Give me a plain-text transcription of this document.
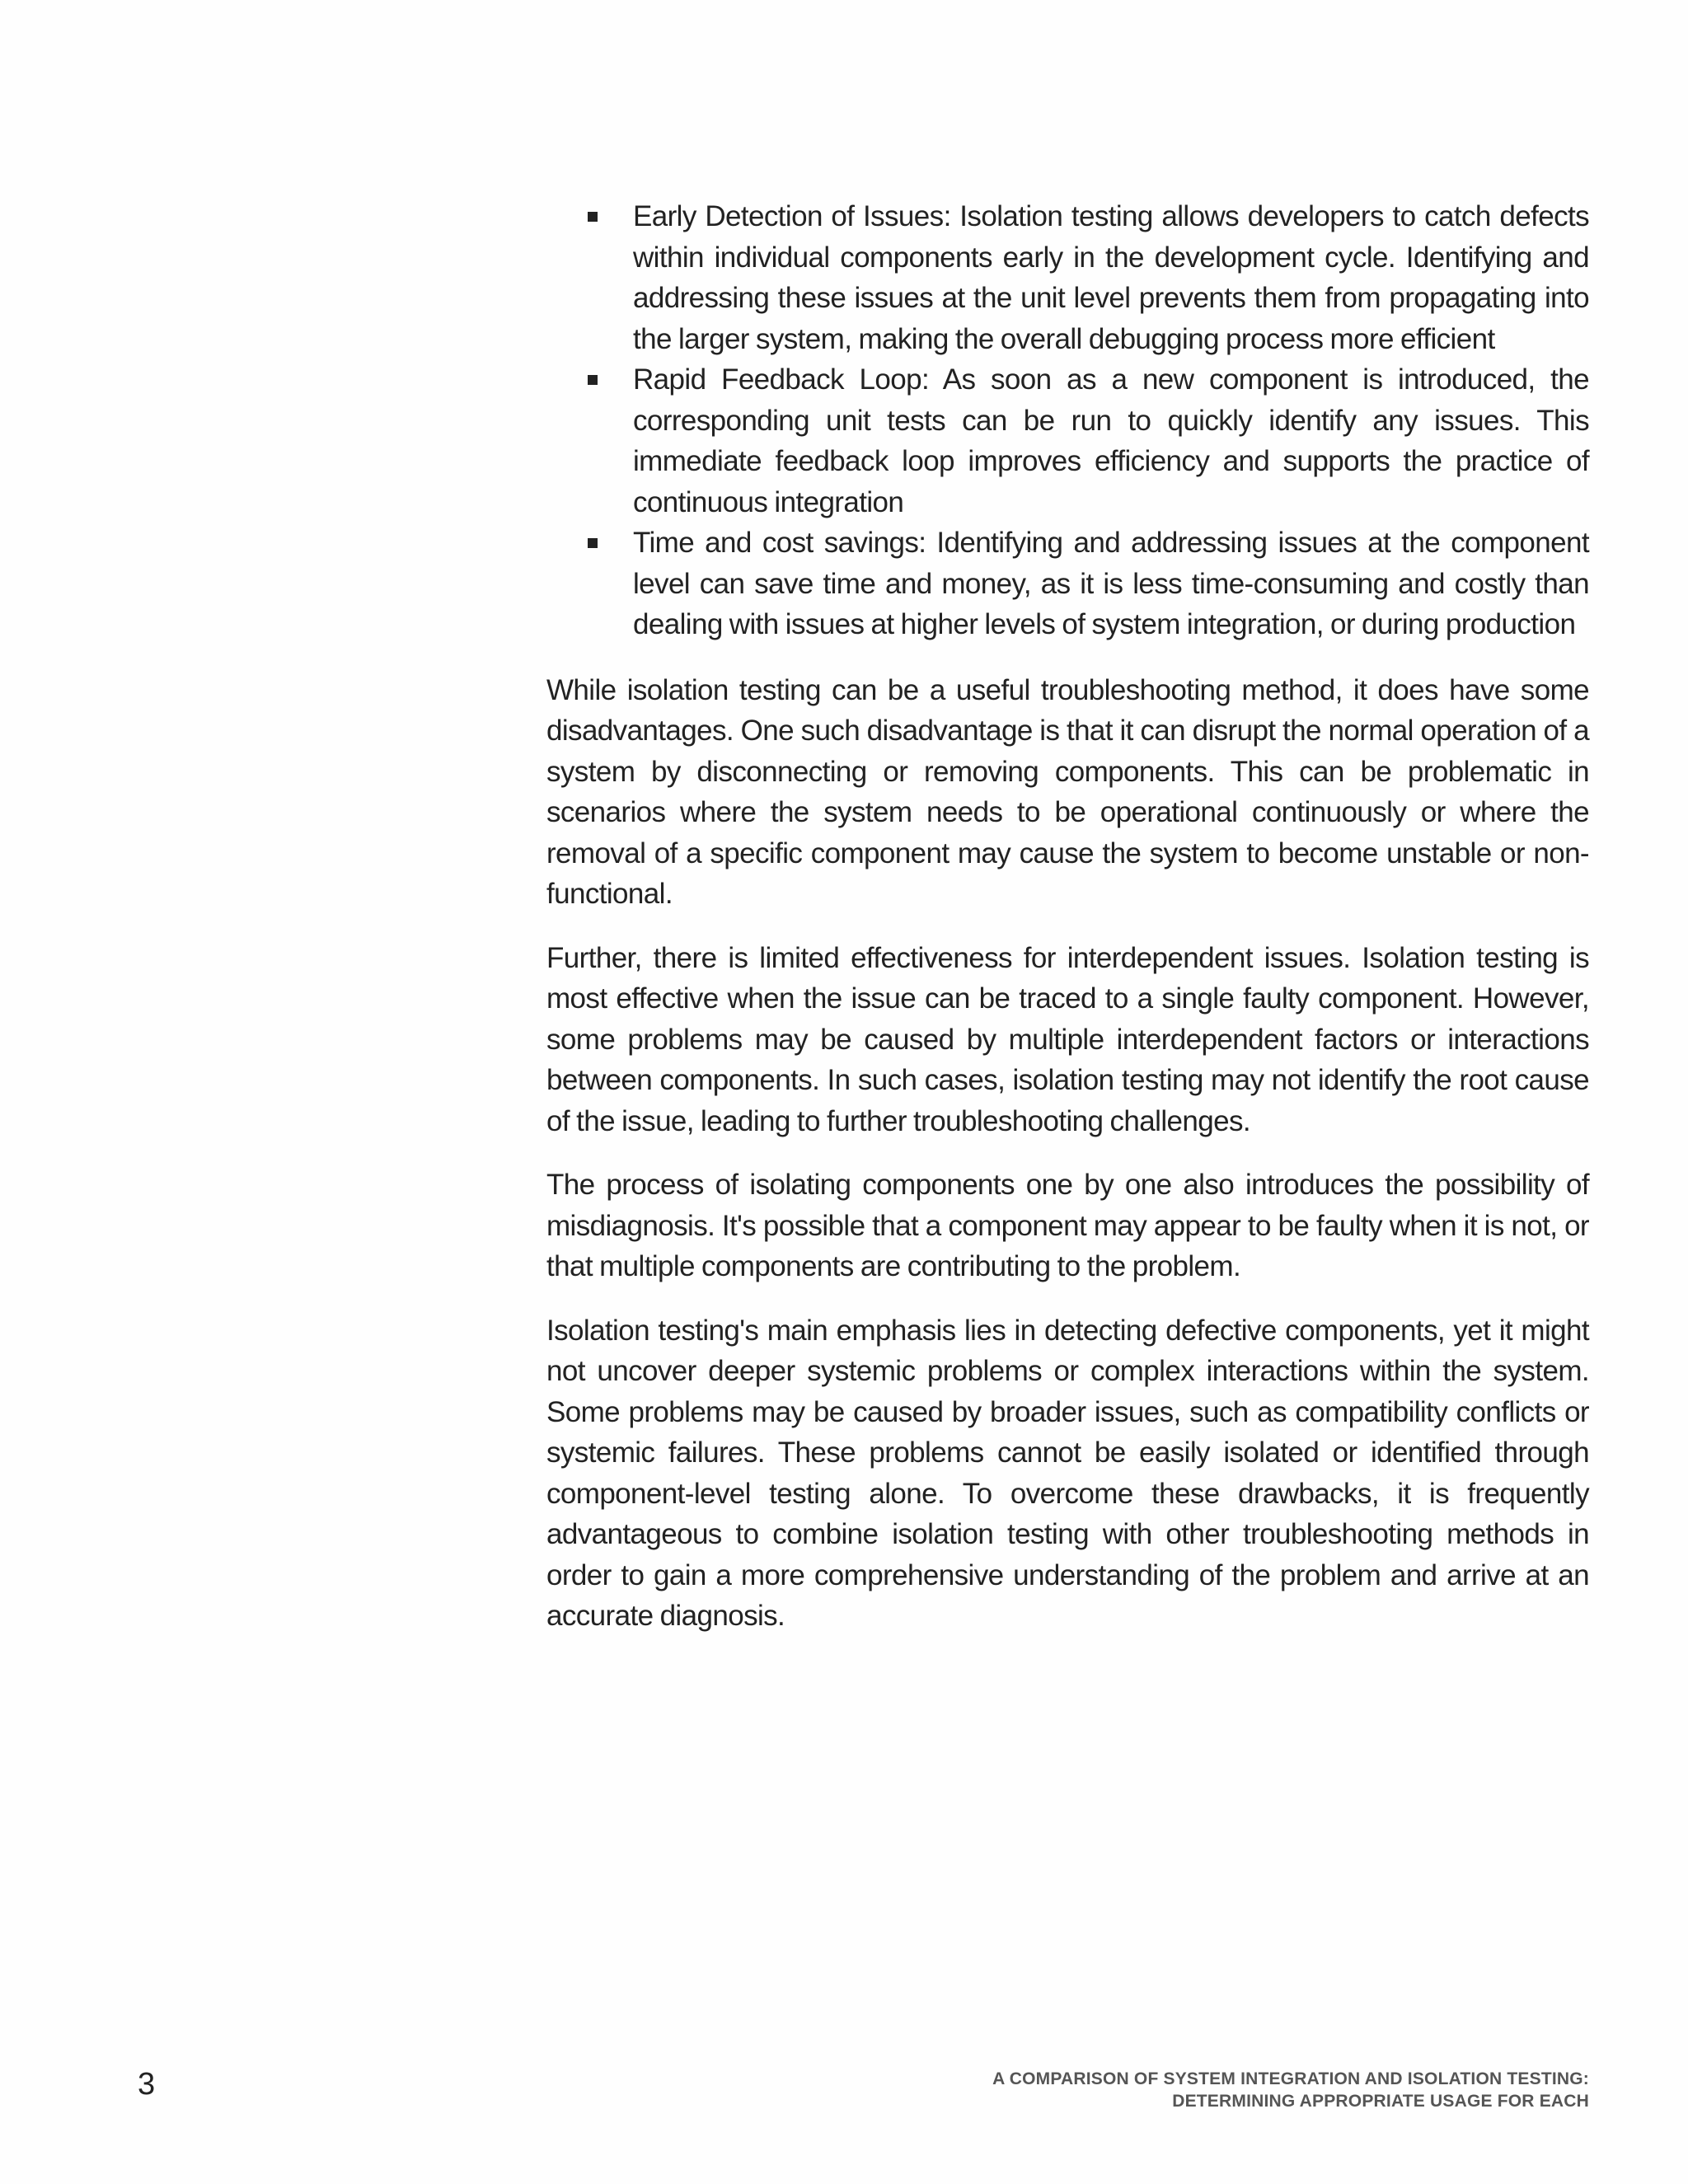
Early Detection of Issues: Isolation testing allows developers to catch defects within individual components early in the development cycle. Identifying and addressing these issues at the unit level prevents them from propagating into the larger system, making the overall debugging process more efficient
Rapid Feedback Loop: As soon as a new component is introduced, the corresponding unit tests can be run to quickly identify any issues. This immediate feedback loop improves efficiency and supports the practice of continuous integration
Time and cost savings: Identifying and addressing issues at the component level can save time and money, as it is less time-consuming and costly than dealing with issues at higher levels of system integration, or during production

While isolation testing can be a useful troubleshooting method, it does have some disadvantages. One such disadvantage is that it can disrupt the normal operation of a system by disconnecting or removing components. This can be problematic in scenarios where the system needs to be operational continuously or where the removal of a specific component may cause the system to become unstable or non-functional.

Further, there is limited effectiveness for interdependent issues. Isolation testing is most effective when the issue can be traced to a single faulty component. However, some problems may be caused by multiple interdependent factors or interactions between components. In such cases, isolation testing may not identify the root cause of the issue, leading to further troubleshooting challenges.

The process of isolating components one by one also introduces the possibility of misdiagnosis. It's possible that a component may appear to be faulty when it is not, or that multiple components are contributing to the problem.

Isolation testing's main emphasis lies in detecting defective components, yet it might not uncover deeper systemic problems or complex interactions within the system. Some problems may be caused by broader issues, such as compatibility conflicts or systemic failures. These problems cannot be easily isolated or identified through component-level testing alone. To overcome these drawbacks, it is frequently advantageous to combine isolation testing with other troubleshooting methods in order to gain a more comprehensive understanding of the problem and arrive at an accurate diagnosis.

3	A COMPARISON OF SYSTEM INTEGRATION AND ISOLATION TESTING:
DETERMINING APPROPRIATE USAGE FOR EACH
